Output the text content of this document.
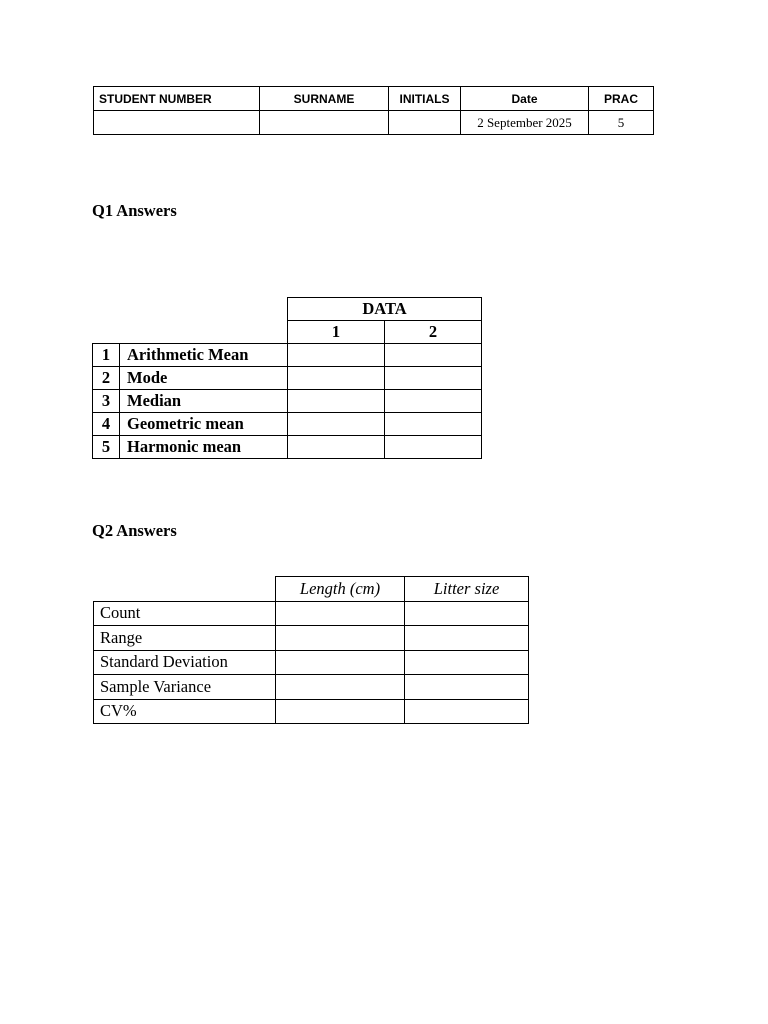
STUDENT NUMBER	SURNAME	INITIALS	Date	PRAC
			2 September 2025	5

Q1 Answers

		DATA	
		1	2
1	Arithmetic Mean		
2	Mode		
3	Median		
4	Geometric mean		
5	Harmonic mean		

Q2 Answers

	Length (cm)	Litter size
Count		
Range		
Standard Deviation		
Sample Variance		
CV%		
